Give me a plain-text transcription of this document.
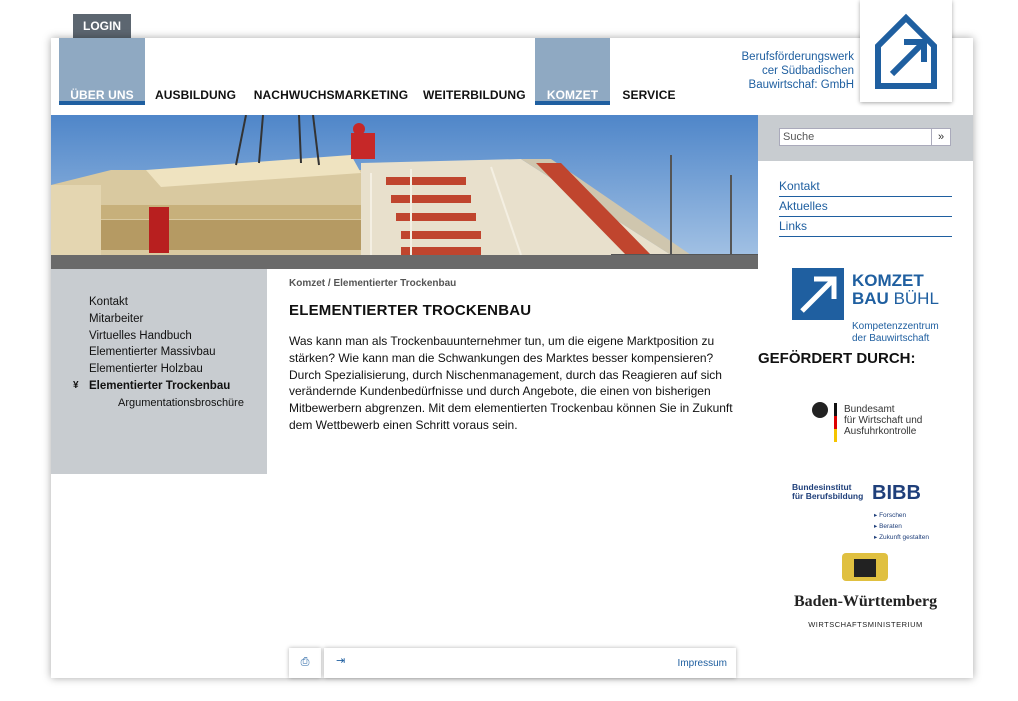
LOGIN
ÜBER UNS	AUSBILDUNG NACHWUCHSMARKETING WEITERBILDUNG	KOMZET	SERVICE
Berufsförderungswerk
cer Südbadischen
Bauwirtschaf: GmbH
Suche	»
Kontakt
Aktuelles
Links
Kontakt
Mitarbeiter
Virtuelles Handbuch
Elementierter Massivbau
Elementierter Holzbau
¥ Elementierter Trockenbau
Argumentationsbroschüre
Komzet / Elementierter Trockenbau
ELEMENTIERTER TROCKENBAU
Was kann man als Trockenbauunternehmer tun, um die eigene Marktposition zu stärken? Wie kann man die Schwankungen des Marktes besser kompensieren? Durch Spezialisierung, durch Nischenmanagement, durch das Reagieren auf sich verändernde Kundenbedürfnisse und durch Angebote, die einen von bisherigen Mitbewerbern abgrenzen. Mit dem elementierten Trockenbau können Sie in Zukunft dem Wettbewerb einen Schritt voraus sein.
KOMZET
BAU BÜHL
Kompetenzzentrum
der Bauwirtschaft
GEFÖRDERT DURCH:
Bundesamt
für Wirtschaft und
Ausfuhrkontrolle
Bundesinstitut
für Berufsbildung BIBB
▸ Forschen
▸ Beraten
▸ Zukunft gestalten
Baden-Württemberg
WIRTSCHAFTSMINISTERIUM
⎙	⇥	Impressum
